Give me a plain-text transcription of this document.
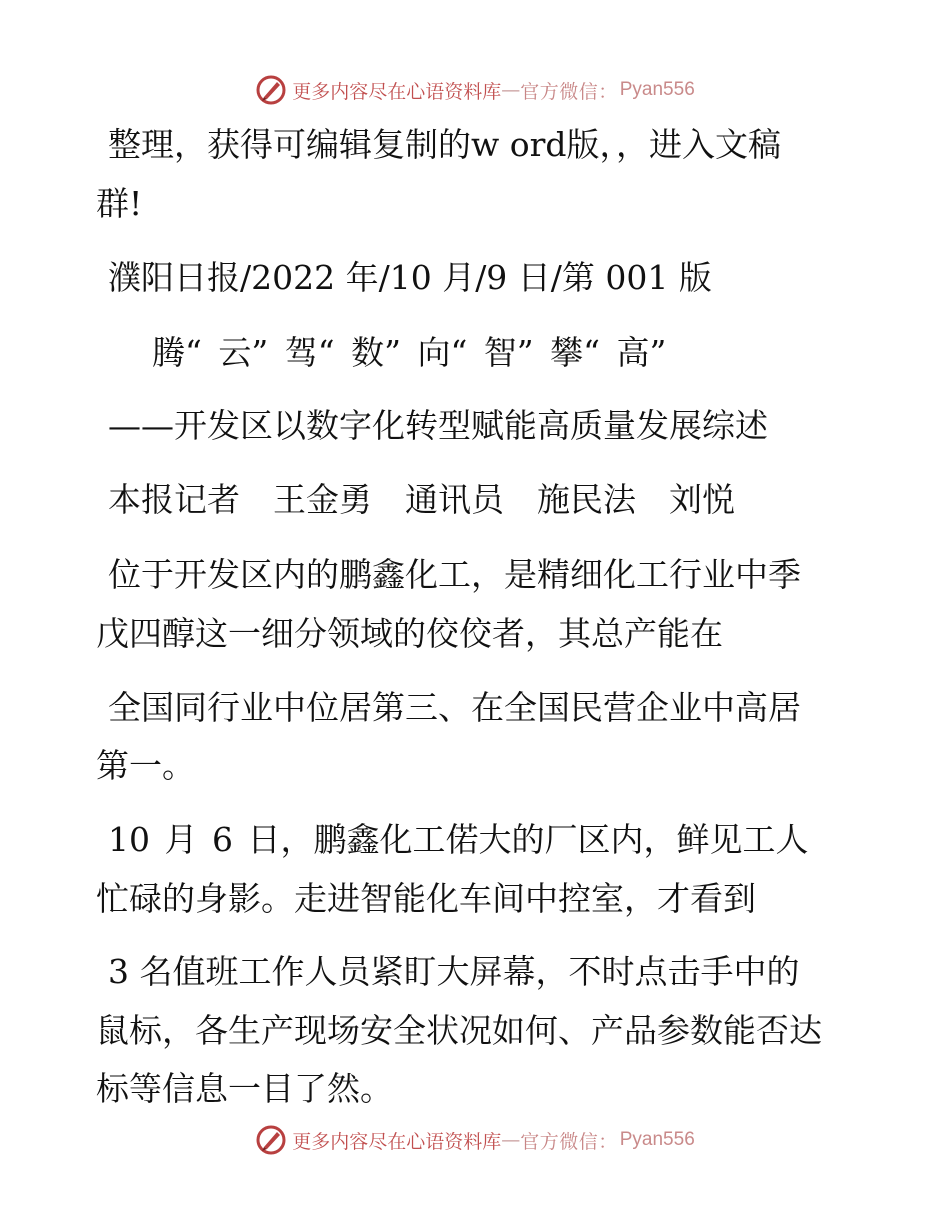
更多内容尽在心语资料库 — 官方微信： Pyan556
整理，获得可编辑复制的w ord版，，进入文稿
群!
濮阳日报/2022 年/10 月/9 日/第 001 版
腾“ 云” 驾“ 数” 向“ 智” 攀“ 高”
——开发区以数字化转型赋能高质量发展综述
本报记者　王金勇　通讯员　施民法　刘悦
位于开发区内的鹏鑫化工，是精细化工行业中季
戊四醇这一细分领域的佼佼者，其总产能在
全国同行业中位居第三、在全国民营企业中高居
第一。
10 月 6 日，鹏鑫化工偌大的厂区内，鲜见工人
忙碌的身影。走进智能化车间中控室，才看到
3 名值班工作人员紧盯大屏幕，不时点击手中的
鼠标，各生产现场安全状况如何、产品参数能否达
标等信息一目了然。
更多内容尽在心语资料库 — 官方微信： Pyan556
